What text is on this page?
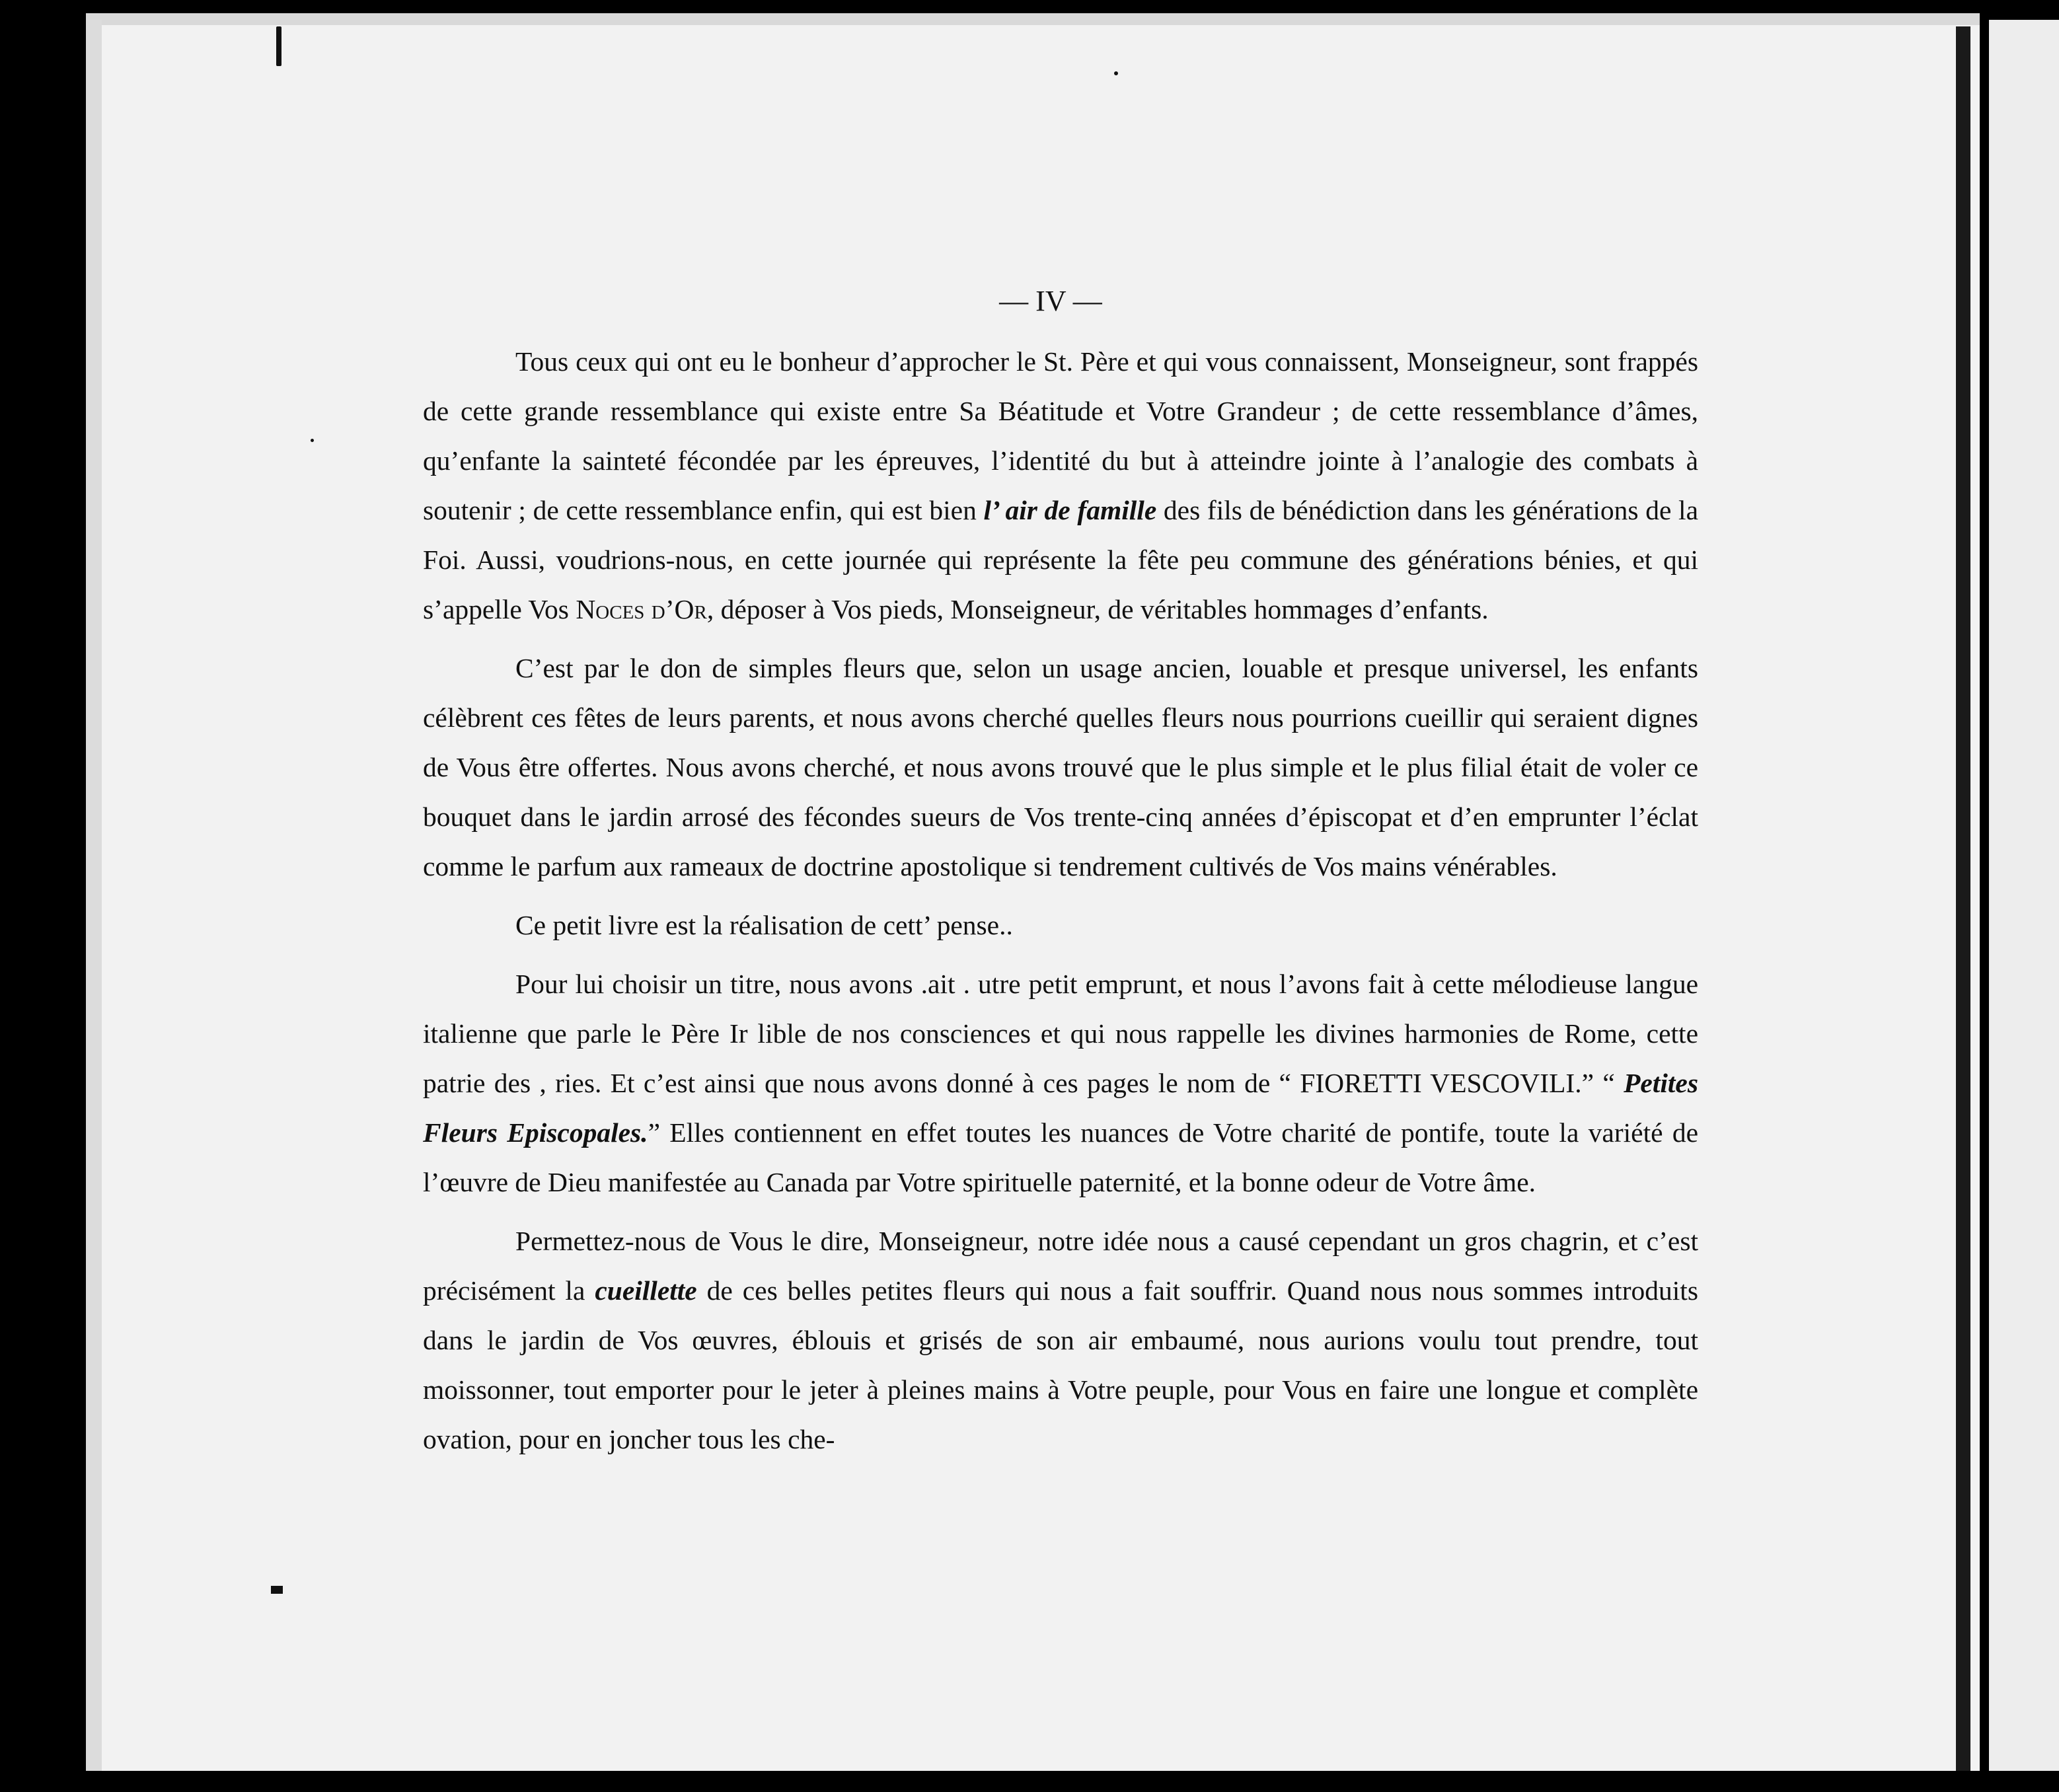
— IV —

Tous ceux qui ont eu le bonheur d’approcher le St. Père et qui vous connaissent, Monseigneur, sont frappés de cette grande ressemblance qui existe entre Sa Béatitude et Votre Grandeur ; de cette ressemblance d’âmes, qu’enfante la sainteté fécondée par les épreuves, l’identité du but à atteindre jointe à l’analogie des combats à soutenir ; de cette ressemblance enfin, qui est bien l’ air de famille des fils de bénédiction dans les générations de la Foi. Aussi, voudrions-nous, en cette journée qui représente la fête peu commune des générations bénies, et qui s’appelle Vos Noces d’Or, déposer à Vos pieds, Monseigneur, de véritables hommages d’enfants.

C’est par le don de simples fleurs que, selon un usage ancien, louable et presque universel, les enfants célèbrent ces fêtes de leurs parents, et nous avons cherché quelles fleurs nous pourrions cueillir qui seraient dignes de Vous être offertes. Nous avons cherché, et nous avons trouvé que le plus simple et le plus filial était de voler ce bouquet dans le jardin arrosé des fécondes sueurs de Vos trente-cinq années d’épiscopat et d’en emprunter l’éclat comme le parfum aux rameaux de doctrine apostolique si tendrement cultivés de Vos mains vénérables.

Ce petit livre est la réalisation de cett’ pense..

Pour lui choisir un titre, nous avons .ait . utre petit emprunt, et nous l’avons fait à cette mélodieuse langue italienne que parle le Père Ir lible de nos consciences et qui nous rappelle les divines harmonies de Rome, cette patrie des , ries. Et c’est ainsi que nous avons donné à ces pages le nom de “ FIORETTI VESCOVILI.” “ Petites Fleurs Episcopales.” Elles contiennent en effet toutes les nuances de Votre charité de pontife, toute la variété de l’œuvre de Dieu manifestée au Canada par Votre spirituelle paternité, et la bonne odeur de Votre âme.

Permettez-nous de Vous le dire, Monseigneur, notre idée nous a causé cependant un gros chagrin, et c’est précisément la cueillette de ces belles petites fleurs qui nous a fait souffrir. Quand nous nous sommes introduits dans le jardin de Vos œuvres, éblouis et grisés de son air embaumé, nous aurions voulu tout prendre, tout moissonner, tout emporter pour le jeter à pleines mains à Votre peuple, pour Vous en faire une longue et complète ovation, pour en joncher tous les che-
